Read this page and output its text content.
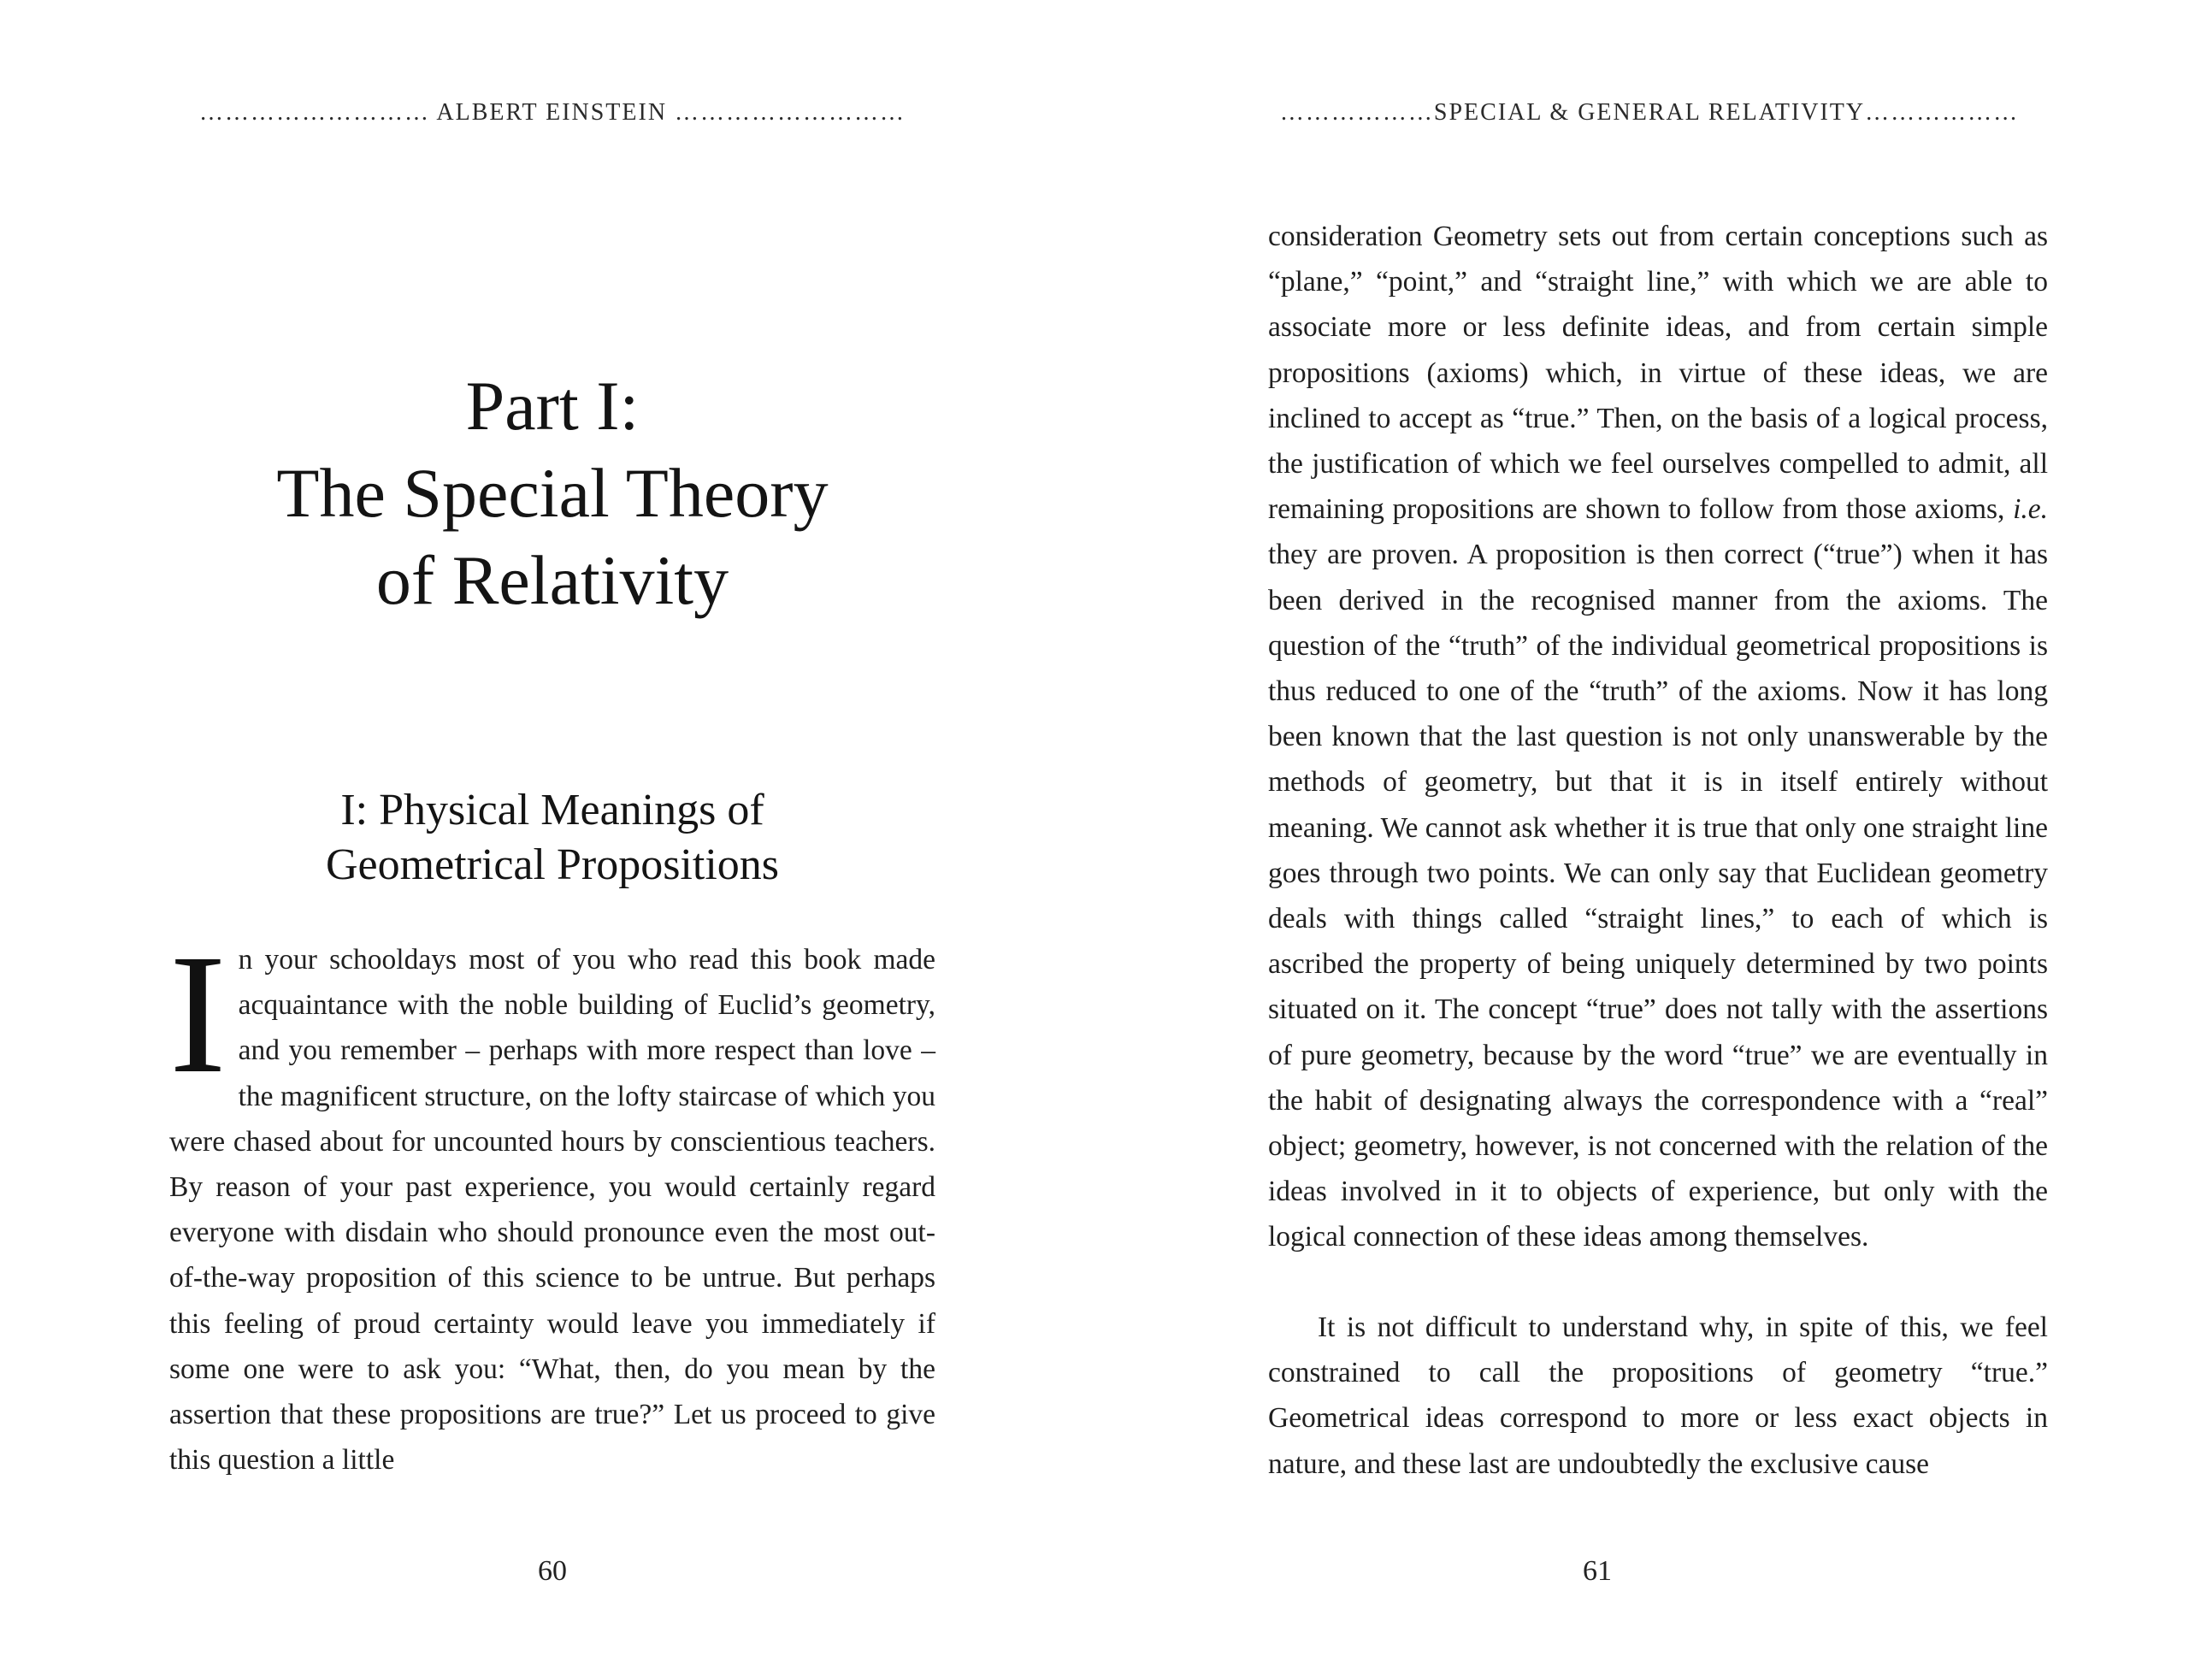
……………………… ALBERT EINSTEIN ………………………
Part I:
The Special Theory
of Relativity
I: Physical Meanings of
Geometrical Propositions

In your schooldays most of you who read this book made acquaintance with the noble building of Euclid’s geometry, and you remember – perhaps with more respect than love – the magnificent structure, on the lofty staircase of which you were chased about for uncounted hours by conscientious teachers. By reason of your past experience, you would certainly regard everyone with disdain who should pronounce even the most out-of-the-way proposition of this science to be untrue. But perhaps this feeling of proud certainty would leave you immediately if some one were to ask you: “What, then, do you mean by the assertion that these propositions are true?” Let us proceed to give this question a little

60
………………SPECIAL & GENERAL RELATIVITY………………
61

consideration Geometry sets out from certain conceptions such as “plane,” “point,” and “straight line,” with which we are able to associate more or less definite ideas, and from certain simple propositions (axioms) which, in virtue of these ideas, we are inclined to accept as “true.” Then, on the basis of a logical process, the justification of which we feel ourselves compelled to admit, all remaining propositions are shown to follow from those axioms, i.e. they are proven. A proposition is then correct (“true”) when it has been derived in the recognised manner from the axioms. The question of the “truth” of the individual geometrical propositions is thus reduced to one of the “truth” of the axioms. Now it has long been known that the last question is not only unanswerable by the methods of geometry, but that it is in itself entirely without meaning. We cannot ask whether it is true that only one straight line goes through two points. We can only say that Euclidean geometry deals with things called “straight lines,” to each of which is ascribed the property of being uniquely determined by two points situated on it. The concept “true” does not tally with the assertions of pure geometry, because by the word “true” we are eventually in the habit of designating always the correspondence with a “real” object; geometry, however, is not concerned with the relation of the ideas involved in it to objects of experience, but only with the logical connection of these ideas among themselves.

It is not difficult to understand why, in spite of this, we feel constrained to call the propositions of geometry “true.” Geometrical ideas correspond to more or less exact objects in nature, and these last are undoubtedly the exclusive cause
